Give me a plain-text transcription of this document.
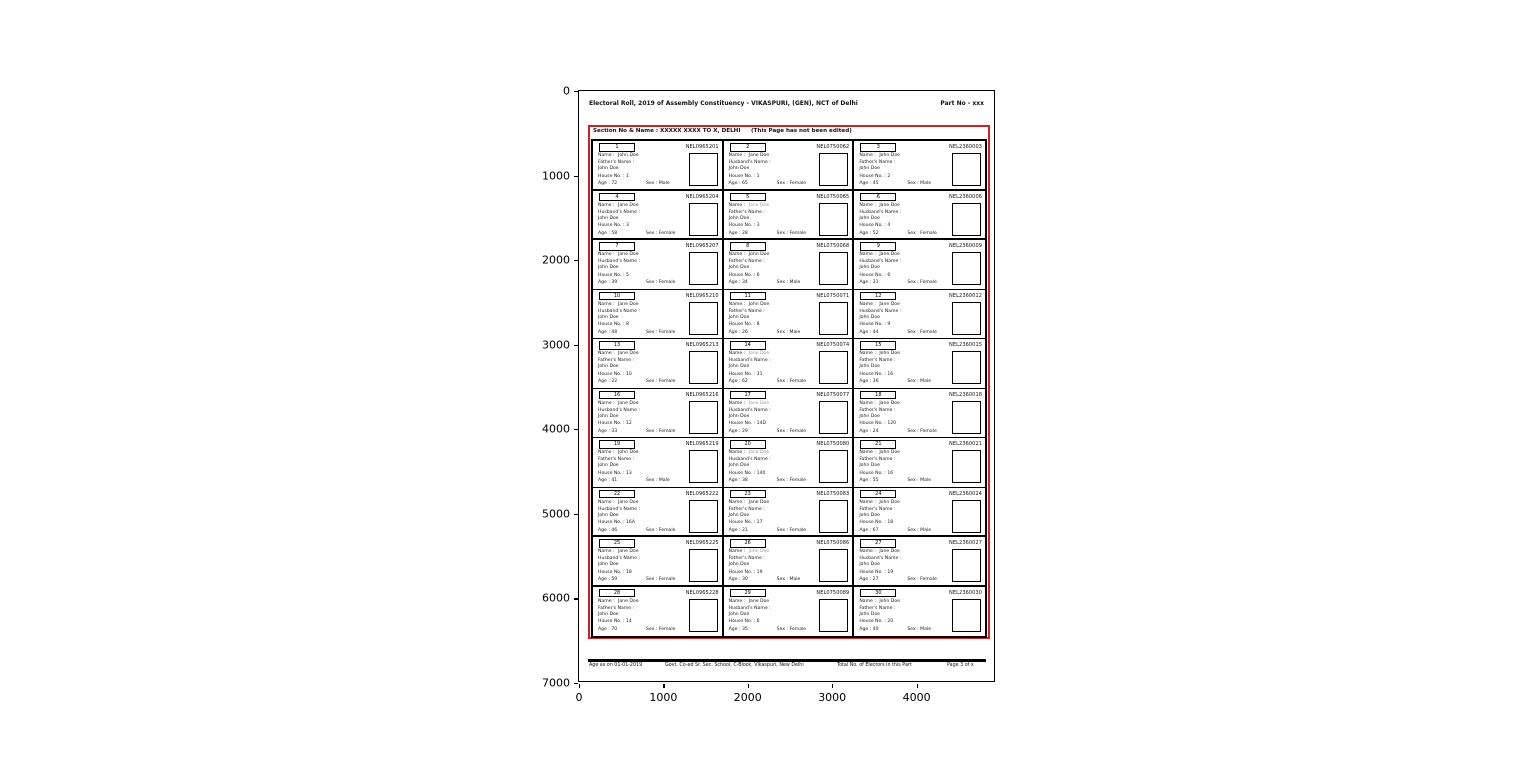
0
1000
2000
3000
4000
5000
6000
7000
0	1000	2000	3000	4000
Electoral Roll, 2019 of Assembly Constituency - VIKASPURI, (GEN), NCT of Delhi	Part No - xxx
Section No & Name : XXXXX XXXX TO X, DELHI (This Page has not been edited)
1	NEL0965201
Name : John Doe
Father's Name :
John Doe
House No. : 1
Age : 72	Sex : Male
2	NEL0750062
Name : Jane Doe
Husband's Name :
John Doe
House No. : 1
Age : 65	Sex : Female
3	NEL2360003
Name : John Doe
Father's Name :
John Doe
House No. : 2
Age : 45	Sex : Male
4	NEL0965204
Name : Jane Doe
Husband's Name :
John Doe
House No. : 3
Age : 58	Sex : Female
5	NEL0750065
Name : Jane Doe
Father's Name :
John Doe
House No. : 3
Age : 28	Sex : Female
6	NEL2360006
Name : Jane Doe
Husband's Name :
John Doe
House No. : 4
Age : 52	Sex : Female
7	NEL0965207
Name : Jane Doe
Husband's Name :
John Doe
House No. : 5
Age : 39	Sex : Female
8	NEL0750068
Name : John Doe
Father's Name :
John Doe
House No. : 6
Age : 34	Sex : Male
9	NEL2360009
Name : Jane Doe
Husband's Name :
John Doe
House No. : 6
Age : 31	Sex : Female
10	NEL0965210
Name : Jane Doe
Husband's Name :
John Doe
House No. : 8
Age : 48	Sex : Female
11	NEL0750071
Name : John Doe
Father's Name :
John Doe
House No. : 8
Age : 26	Sex : Male
12	NEL2360012
Name : Jane Doe
Husband's Name :
John Doe
House No. : 9
Age : 44	Sex : Female
13	NEL0965213
Name : Jane Doe
Father's Name :
John Doe
House No. : 10
Age : 22	Sex : Female
14	NEL0750074
Name : Jane Doe
Husband's Name :
John Doe
House No. : 31
Age : 62	Sex : Female
15	NEL2360015
Name : John Doe
Father's Name :
John Doe
House No. : 16
Age : 36	Sex : Male
16	NEL0965216
Name : Jane Doe
Husband's Name :
John Doe
House No. : 12
Age : 33	Sex : Female
17	NEL0750077
Name : Jane Doe
Husband's Name :
John Doe
House No. : 14D
Age : 29	Sex : Female
18	NEL2360018
Name : Jane Doe
Father's Name :
John Doe
House No. : 120
Age : 24	Sex : Female
19	NEL0965219
Name : John Doe
Father's Name :
John Doe
House No. : 13
Age : 41	Sex : Male
20	NEL0750080
Name : Jane Doe
Husband's Name :
John Doe
House No. : 140
Age : 38	Sex : Female
21	NEL2360021
Name : John Doe
Father's Name :
John Doe
House No. : 16
Age : 55	Sex : Male
22	NEL0965222
Name : Jane Doe
Husband's Name :
John Doe
House No. : 16A
Age : 46	Sex : Female
23	NEL0750083
Name : Jane Doe
Father's Name :
John Doe
House No. : 17
Age : 21	Sex : Female
24	NEL2360024
Name : John Doe
Father's Name :
John Doe
House No. : 18
Age : 67	Sex : Male
25	NEL0965225
Name : Jane Doe
Husband's Name :
John Doe
House No. : 18
Age : 59	Sex : Female
26	NEL0750086
Name : John Doe
Father's Name :
John Doe
House No. : 19
Age : 30	Sex : Male
27	NEL2360027
Name : Jane Doe
Husband's Name :
John Doe
House No. : 19
Age : 27	Sex : Female
28	NEL0965228
Name : Jane Doe
Father's Name :
John Doe
House No. : 14
Age : 70	Sex : Female
29	NEL0750089
Name : Jane Doe
Husband's Name :
John Doe
House No. : 6
Age : 35	Sex : Female
30	NEL2360030
Name : John Doe
Father's Name :
John Doe
House No. : 20
Age : 40	Sex : Male
Age as on 01-01-2019	Govt. Co-ed Sr. Sec. School, C-Block, Vikaspuri, New Delhi	Total No. of Electors in this Part	Page 3 of x
